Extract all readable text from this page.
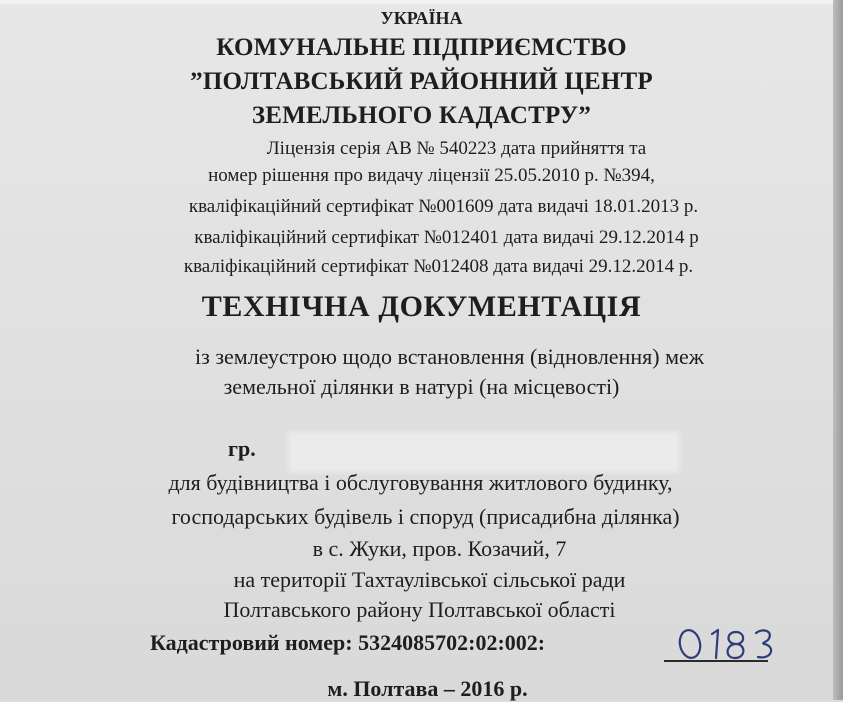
УКРАЇНА
КОМУНАЛЬНЕ ПІДПРИЄМСТВО
”ПОЛТАВСЬКИЙ РАЙОННИЙ ЦЕНТР
ЗЕМЕЛЬНОГО КАДАСТРУ”
Ліцензія серія АВ № 540223 дата прийняття та
номер рішення про видачу ліцензії 25.05.2010 р. №394,
кваліфікаційний сертифікат №001609 дата видачі 18.01.2013 р.
кваліфікаційний сертифікат №012401 дата видачі 29.12.2014 р
кваліфікаційний сертифікат №012408 дата видачі 29.12.2014 р.
ТЕХНІЧНА ДОКУМЕНТАЦІЯ
із землеустрою щодо встановлення (відновлення) меж
земельної ділянки в натурі (на місцевості)
гр.
для будівництва і обслуговування житлового будинку,
господарських будівель і споруд (присадибна ділянка)
в с. Жуки, пров. Козачий, 7
на території Тахтаулівської сільської ради
Полтавського району Полтавської області
Кадастровий номер: 5324085702:02:002:
м. Полтава – 2016 р.
